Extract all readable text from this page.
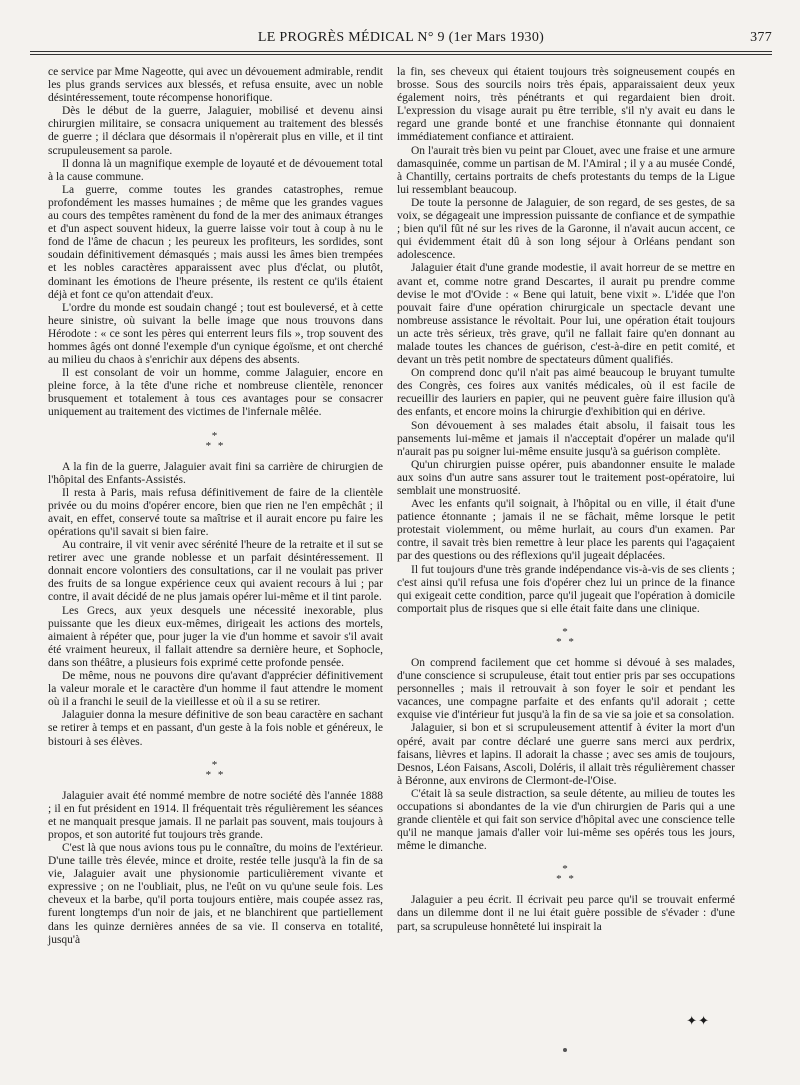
LE PROGRÈS MÉDICAL N° 9 (1er Mars 1930)	377

ce service par Mme Nageotte, qui avec un dévouement admirable, rendit les plus grands services aux blessés, et refusa ensuite, avec un noble désintéressement, toute récompense honorifique.

Dès le début de la guerre, Jalaguier, mobilisé et devenu ainsi chirurgien militaire, se consacra uniquement au traitement des blessés de guerre ; il déclara que désormais il n'opèrerait plus en ville, et il tint scrupuleusement sa parole.

Il donna là un magnifique exemple de loyauté et de dévouement total à la cause commune.

La guerre, comme toutes les grandes catastrophes, remue profondément les masses humaines ; de même que les grandes vagues au cours des tempêtes ramènent du fond de la mer des animaux étranges et d'un aspect souvent hideux, la guerre laisse voir tout à coup à nu le fond de l'âme de chacun ; les peureux les profiteurs, les sordides, sont soudain définitivement démasqués ; mais aussi les âmes bien trempées et les nobles caractères apparaissent avec plus d'éclat, ou plutôt, dominant les émotions de l'heure présente, ils restent ce qu'ils étaient déjà et font ce qu'on attendait d'eux.

L'ordre du monde est soudain changé ; tout est bouleversé, et à cette heure sinistre, où suivant la belle image que nous trouvons dans Hérodote : « ce sont les pères qui enterrent leurs fils », trop souvent des hommes âgés ont donné l'exemple d'un cynique égoïsme, et ont cherché au milieu du chaos à s'enrichir aux dépens des absents.

Il est consolant de voir un homme, comme Jalaguier, encore en pleine force, à la tête d'une riche et nombreuse clientèle, renoncer brusquement et totalement à tous ces avantages pour se consacrer uniquement au traitement des victimes de l'infernale mêlée.

*
* *

A la fin de la guerre, Jalaguier avait fini sa carrière de chirurgien de l'hôpital des Enfants-Assistés.

Il resta à Paris, mais refusa définitivement de faire de la clientèle privée ou du moins d'opérer encore, bien que rien ne l'en empêchât ; il avait, en effet, conservé toute sa maîtrise et il aurait encore pu faire les opérations qu'il savait si bien faire.

Au contraire, il vit venir avec sérénité l'heure de la retraite et il sut se retirer avec une grande noblesse et un parfait désintéressement. Il donnait encore volontiers des consultations, car il ne voulait pas priver des fruits de sa longue expérience ceux qui avaient recours à lui ; par contre, il avait décidé de ne plus jamais opérer lui-même et il tint parole.

Les Grecs, aux yeux desquels une nécessité inexorable, plus puissante que les dieux eux-mêmes, dirigeait les actions des mortels, aimaient à répéter que, pour juger la vie d'un homme et savoir s'il avait été vraiment heureux, il fallait attendre sa dernière heure, et Sophocle, dans son théâtre, a plusieurs fois exprimé cette profonde pensée.

De même, nous ne pouvons dire qu'avant d'apprécier définitivement la valeur morale et le caractère d'un homme il faut attendre le moment où il a franchi le seuil de la vieillesse et où il a su se retirer.

Jalaguier donna la mesure définitive de son beau caractère en sachant se retirer à temps et en passant, d'un geste à la fois noble et généreux, le bistouri à ses élèves.

*
* *

Jalaguier avait été nommé membre de notre société dès l'année 1888 ; il en fut président en 1914. Il fréquentait très régulièrement les séances et ne manquait presque jamais. Il ne parlait pas souvent, mais toujours à propos, et son autorité fut toujours très grande.

C'est là que nous avions tous pu le connaître, du moins de l'extérieur. D'une taille très élevée, mince et droite, restée telle jusqu'à la fin de sa vie, Jalaguier avait une physionomie particulièrement vivante et expressive ; on ne l'oubliait, plus, ne l'eût on vu qu'une seule fois. Les cheveux et la barbe, qu'il porta toujours entière, mais coupée assez ras, furent longtemps d'un noir de jais, et ne blanchirent que partiellement dans les quinze dernières années de sa vie. Il conserva en totalité, jusqu'à

la fin, ses cheveux qui étaient toujours très soigneusement coupés en brosse. Sous des sourcils noirs très épais, apparaissaient deux yeux également noirs, très pénétrants et qui regardaient bien droit. L'expression du visage aurait pu être terrible, s'il n'y avait eu dans le regard une grande bonté et une franchise étonnante qui donnaient immédiatement confiance et attiraient.

On l'aurait très bien vu peint par Clouet, avec une fraise et une armure damasquinée, comme un partisan de M. l'Amiral ; il y a au musée Condé, à Chantilly, certains portraits de chefs protestants du temps de la Ligue lui ressemblant beaucoup.

De toute la personne de Jalaguier, de son regard, de ses gestes, de sa voix, se dégageait une impression puissante de confiance et de sympathie ; bien qu'il fût né sur les rives de la Garonne, il n'avait aucun accent, ce qui évidemment était dû à son long séjour à Orléans pendant son adolescence.

Jalaguier était d'une grande modestie, il avait horreur de se mettre en avant et, comme notre grand Descartes, il aurait pu prendre comme devise le mot d'Ovide : « Bene qui latuit, bene vixit ». L'idée que l'on pouvait faire d'une opération chirurgicale un spectacle devant une nombreuse assistance le révoltait. Pour lui, une opération était toujours un acte très sérieux, très grave, qu'il ne fallait faire qu'en donnant au malade toutes les chances de guérison, c'est-à-dire en petit comité, et devant un très petit nombre de spectateurs dûment qualifiés.

On comprend donc qu'il n'ait pas aimé beaucoup le bruyant tumulte des Congrès, ces foires aux vanités médicales, où il est facile de recueillir des lauriers en papier, qui ne peuvent guère faire illusion qu'à des enfants, et encore moins la chirurgie d'exhibition qui en dérive.

Son dévouement à ses malades était absolu, il faisait tous les pansements lui-même et jamais il n'acceptait d'opérer un malade qu'il n'aurait pas pu soigner lui-même ensuite jusqu'à sa guérison complète.

Qu'un chirurgien puisse opérer, puis abandonner ensuite le malade aux soins d'un autre sans assurer tout le traitement post-opératoire, lui semblait une monstruosité.

Avec les enfants qu'il soignait, à l'hôpital ou en ville, il était d'une patience étonnante ; jamais il ne se fâchait, même lorsque le petit protestait violemment, ou même hurlait, au cours d'un examen. Par contre, il savait très bien remettre à leur place les parents qui l'agaçaient par des questions ou des réflexions qu'il jugeait déplacées.

Il fut toujours d'une très grande indépendance vis-à-vis de ses clients ; c'est ainsi qu'il refusa une fois d'opérer chez lui un prince de la finance qui exigeait cette condition, parce qu'il jugeait que l'opération à domicile comportait plus de risques que si elle était faite dans une clinique.

*
* *

On comprend facilement que cet homme si dévoué à ses malades, d'une conscience si scrupuleuse, était tout entier pris par ses occupations personnelles ; mais il retrouvait à son foyer le soir et pendant les vacances, une compagne parfaite et des enfants qu'il adorait ; cette exquise vie d'intérieur fut jusqu'à la fin de sa vie sa joie et sa consolation.

Jalaguier, si bon et si scrupuleusement attentif à éviter la mort d'un opéré, avait par contre déclaré une guerre sans merci aux perdrix, faisans, lièvres et lapins. Il adorait la chasse ; avec ses amis de toujours, Desnos, Léon Faisans, Ascoli, Doléris, il allait très régulièrement chasser à Béronne, aux environs de Clermont-de-l'Oise.

C'était là sa seule distraction, sa seule détente, au milieu de toutes les occupations si abondantes de la vie d'un chirurgien de Paris qui a une grande clientèle et qui fait son service d'hôpital avec une conscience telle qu'il ne manque jamais d'aller voir lui-même ses opérés tous les jours, même le dimanche.

*
* *

Jalaguier a peu écrit. Il écrivait peu parce qu'il se trouvait enfermé dans un dilemme dont il ne lui était guère possible de s'évader : d'une part, sa scrupuleuse honnêteté lui inspirait la

✦✦
